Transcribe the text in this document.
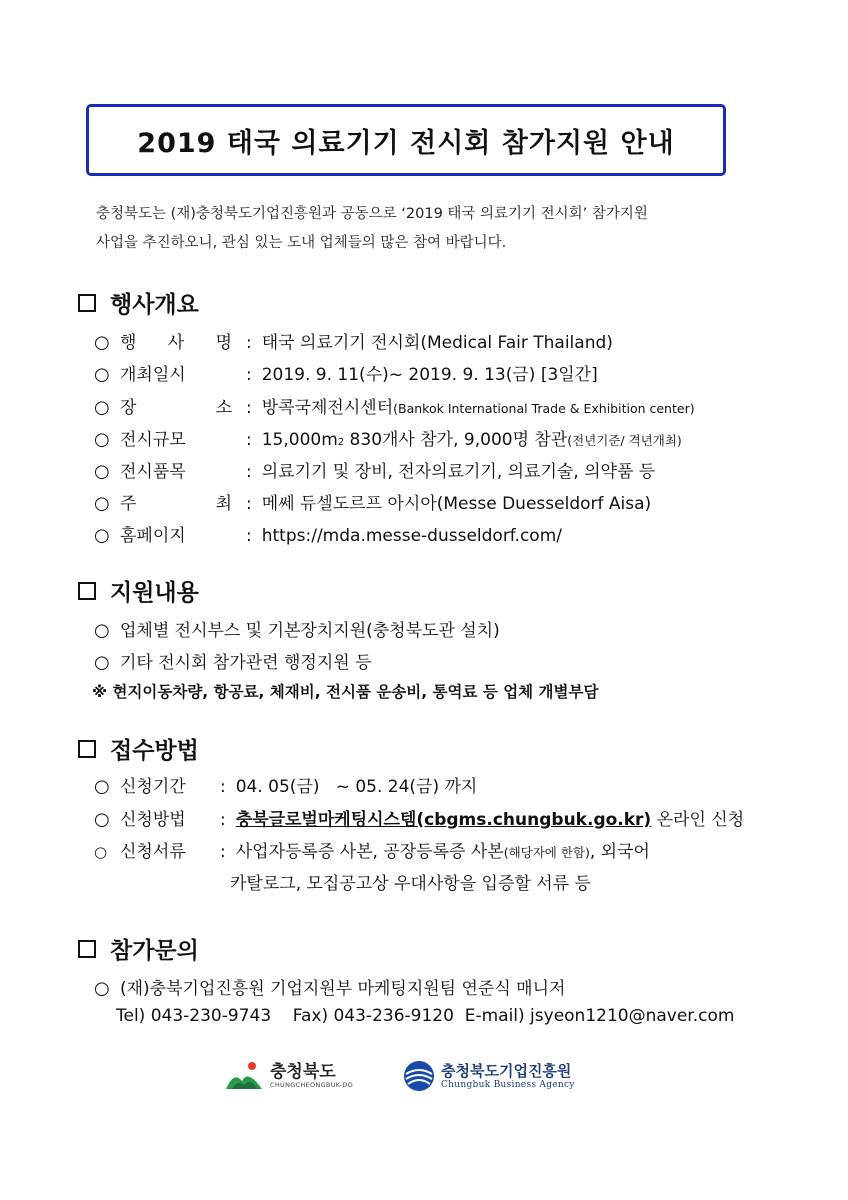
2019 태국 의료기기 전시회 참가지원 안내
충청북도는 (재)충청북도기업진흥원과 공동으로 ‘2019 태국 의료기기 전시회’ 참가지원
사업을 추진하오니, 관심 있는 도내 업체들의 많은 참여 바랍니다.
행사개요
○ 행 사 명 : 태국 의료기기 전시회(Medical Fair Thailand)
○ 개최일시	: 2019. 9. 11(수)~ 2019. 9. 13(금) [3일간]
○ 장	소 : 방콕국제전시센터 (Bankok International Trade & Exhibition center)
○ 전시규모	: 15,000m 2 830개사 참가, 9,000명 참관 (전년기준/ 격년개최)
○ 전시품목	: 의료기기 및 장비, 전자의료기기, 의료기술, 의약품 등
○ 주	최 : 메쎄 듀셀도르프 아시아(Messe Duesseldorf Aisa)
○ 홈페이지	: https://mda.messe-dusseldorf.com/
지원내용
○ 업체별 전시부스 및 기본장치지원(충청북도관 설치)
○ 기타 전시회 참가관련 행정지원 등
※ 현지이동차량, 항공료, 체재비, 전시품 운송비, 통역료 등 업체 개별부담
접수방법
○ 신청기간	: 04. 05(금)   ~ 05. 24(금) 까지
○ 신청방법	: 충북글로벌마케팅시스템(cbgms.chungbuk.go.kr) 온라인 신청
○ 신청서류	: 사업자등록증 사본, 공장등록증 사본 (해당자에 한함) , 외국어
카탈로그, 모집공고상 우대사항을 입증할 서류 등
참가문의
○ (재)충북기업진흥원 기업지원부 마케팅지원팀 연준식 매니저
Tel) 043-230-9743    Fax) 043-236-9120  E-mail) jsyeon1210@naver.com
충청북도
CHUNGCHEONGBUK-DO
충청북도기업진흥원
Chungbuk Business Agency
